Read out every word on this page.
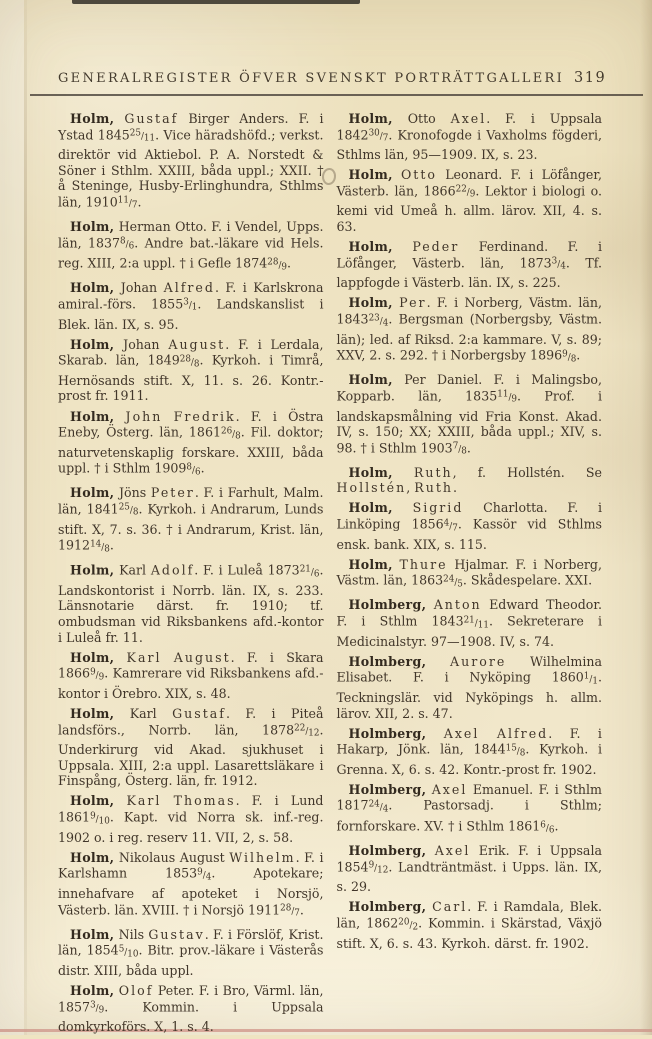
GENERALREGISTER ÖFVER SVENSKT PORTRÄTTGALLERI 319

Holm, Gustaf Birger Anders. F. i Ystad 184525/11. Vice häradshöfd.; verkst. direktör vid Aktiebol. P. A. Norstedt & Söner i Sthlm. XXIII, båda uppl.; XXII. † å Steninge, Husby-Erlinghundra, Sthlms län, 191011/7.

Holm, Herman Otto. F. i Vendel, Upps. län, 18378/6. Andre bat.-läkare vid Hels. reg. XIII, 2:a uppl. † i Gefle 187428/9.

Holm, Johan Alfred. F. i Karlskrona amiral.-förs. 18553/1. Landskanslist i Blek. län. IX, s. 95.

Holm, Johan August. F. i Lerdala, Skarab. län, 184928/8. Kyrkoh. i Timrå, Hernösands stift. X, 11. s. 26. Kontr.-prost fr. 1911.

Holm, John Fredrik. F. i Östra Eneby, Österg. län, 186126/8. Fil. doktor; naturvetenskaplig forskare. XXIII, båda uppl. † i Sthlm 19098/6.

Holm, Jöns Peter. F. i Farhult, Malm. län, 184125/8. Kyrkoh. i Andrarum, Lunds stift. X, 7. s. 36. † i Andrarum, Krist. län, 191214/8.

Holm, Karl Adolf. F. i Luleå 187321/6. Landskontorist i Norrb. län. IX, s. 233. Länsnotarie därst. fr. 1910; tf. ombudsman vid Riksbankens afd.-kontor i Luleå fr. 11.

Holm, Karl August. F. i Skara 18669/9. Kamrerare vid Riksbankens afd.-kontor i Örebro. XIX, s. 48.

Holm, Karl Gustaf. F. i Piteå landsförs., Norrb. län, 187822/12. Underkirurg vid Akad. sjukhuset i Uppsala. XIII, 2:a uppl. Lasarettsläkare i Finspång, Österg. län, fr. 1912.

Holm, Karl Thomas. F. i Lund 18619/10. Kapt. vid Norra sk. inf.-reg. 1902 o. i reg. reserv 11. VII, 2, s. 58.

Holm, Nikolaus August Wilhelm. F. i Karlshamn 18539/4. Apotekare; innehafvare af apoteket i Norsjö, Västerb. län. XVIII. † i Norsjö 191128/7.

Holm, Nils Gustav. F. i Förslöf, Krist. län, 18545/10. Bitr. prov.-läkare i Västerås distr. XIII, båda uppl.

Holm, Olof Peter. F. i Bro, Värml. län, 18573/9. Kommin. i Uppsala domkyrkoförs. X, 1. s. 4.

Holm, Otto Axel. F. i Uppsala 184230/7. Kronofogde i Vaxholms fögderi, Sthlms län, 95—1909. IX, s. 23.

Holm, Otto Leonard. F. i Löfånger, Västerb. län, 186622/9. Lektor i biologi o. kemi vid Umeå h. allm. lärov. XII, 4. s. 63.

Holm, Peder Ferdinand. F. i Löfånger, Västerb. län, 18733/4. Tf. lappfogde i Västerb. län. IX, s. 225.

Holm, Per. F. i Norberg, Västm. län, 184323/4. Bergsman (Norbergsby, Västm. län); led. af Riksd. 2:a kammare. V, s. 89; XXV, 2. s. 292. † i Norbergsby 18969/8.

Holm, Per Daniel. F. i Malingsbo, Kopparb. län, 183511/9. Prof. i landskapsmålning vid Fria Konst. Akad. IV, s. 150; XX; XXIII, båda uppl.; XIV, s. 98. † i Sthlm 19037/8.

Holm, Ruth, f. Hollstén. Se Hollstén, Ruth.

Holm, Sigrid Charlotta. F. i Linköping 18564/7. Kassör vid Sthlms ensk. bank. XIX, s. 115.

Holm, Thure Hjalmar. F. i Norberg, Västm. län, 186324/5. Skådespelare. XXI.

Holmberg, Anton Edward Theodor. F. i Sthlm 184321/11. Sekreterare i Medicinalstyr. 97—1908. IV, s. 74.

Holmberg, Aurore Wilhelmina Elisabet. F. i Nyköping 18601/1. Teckningslär. vid Nyköpings h. allm. lärov. XII, 2. s. 47.

Holmberg, Axel Alfred. F. i Hakarp, Jönk. län, 184415/8. Kyrkoh. i Grenna. X, 6. s. 42. Kontr.-prost fr. 1902.

Holmberg, Axel Emanuel. F. i Sthlm 181724/4. Pastorsadj. i Sthlm; fornforskare. XV. † i Sthlm 18616/6.

Holmberg, Axel Erik. F. i Uppsala 18549/12. Landträntmäst. i Upps. län. IX, s. 29.

Holmberg, Carl. F. i Ramdala, Blek. län, 186220/2. Kommin. i Skärstad, Växjö stift. X, 6. s. 43. Kyrkoh. därst. fr. 1902.
